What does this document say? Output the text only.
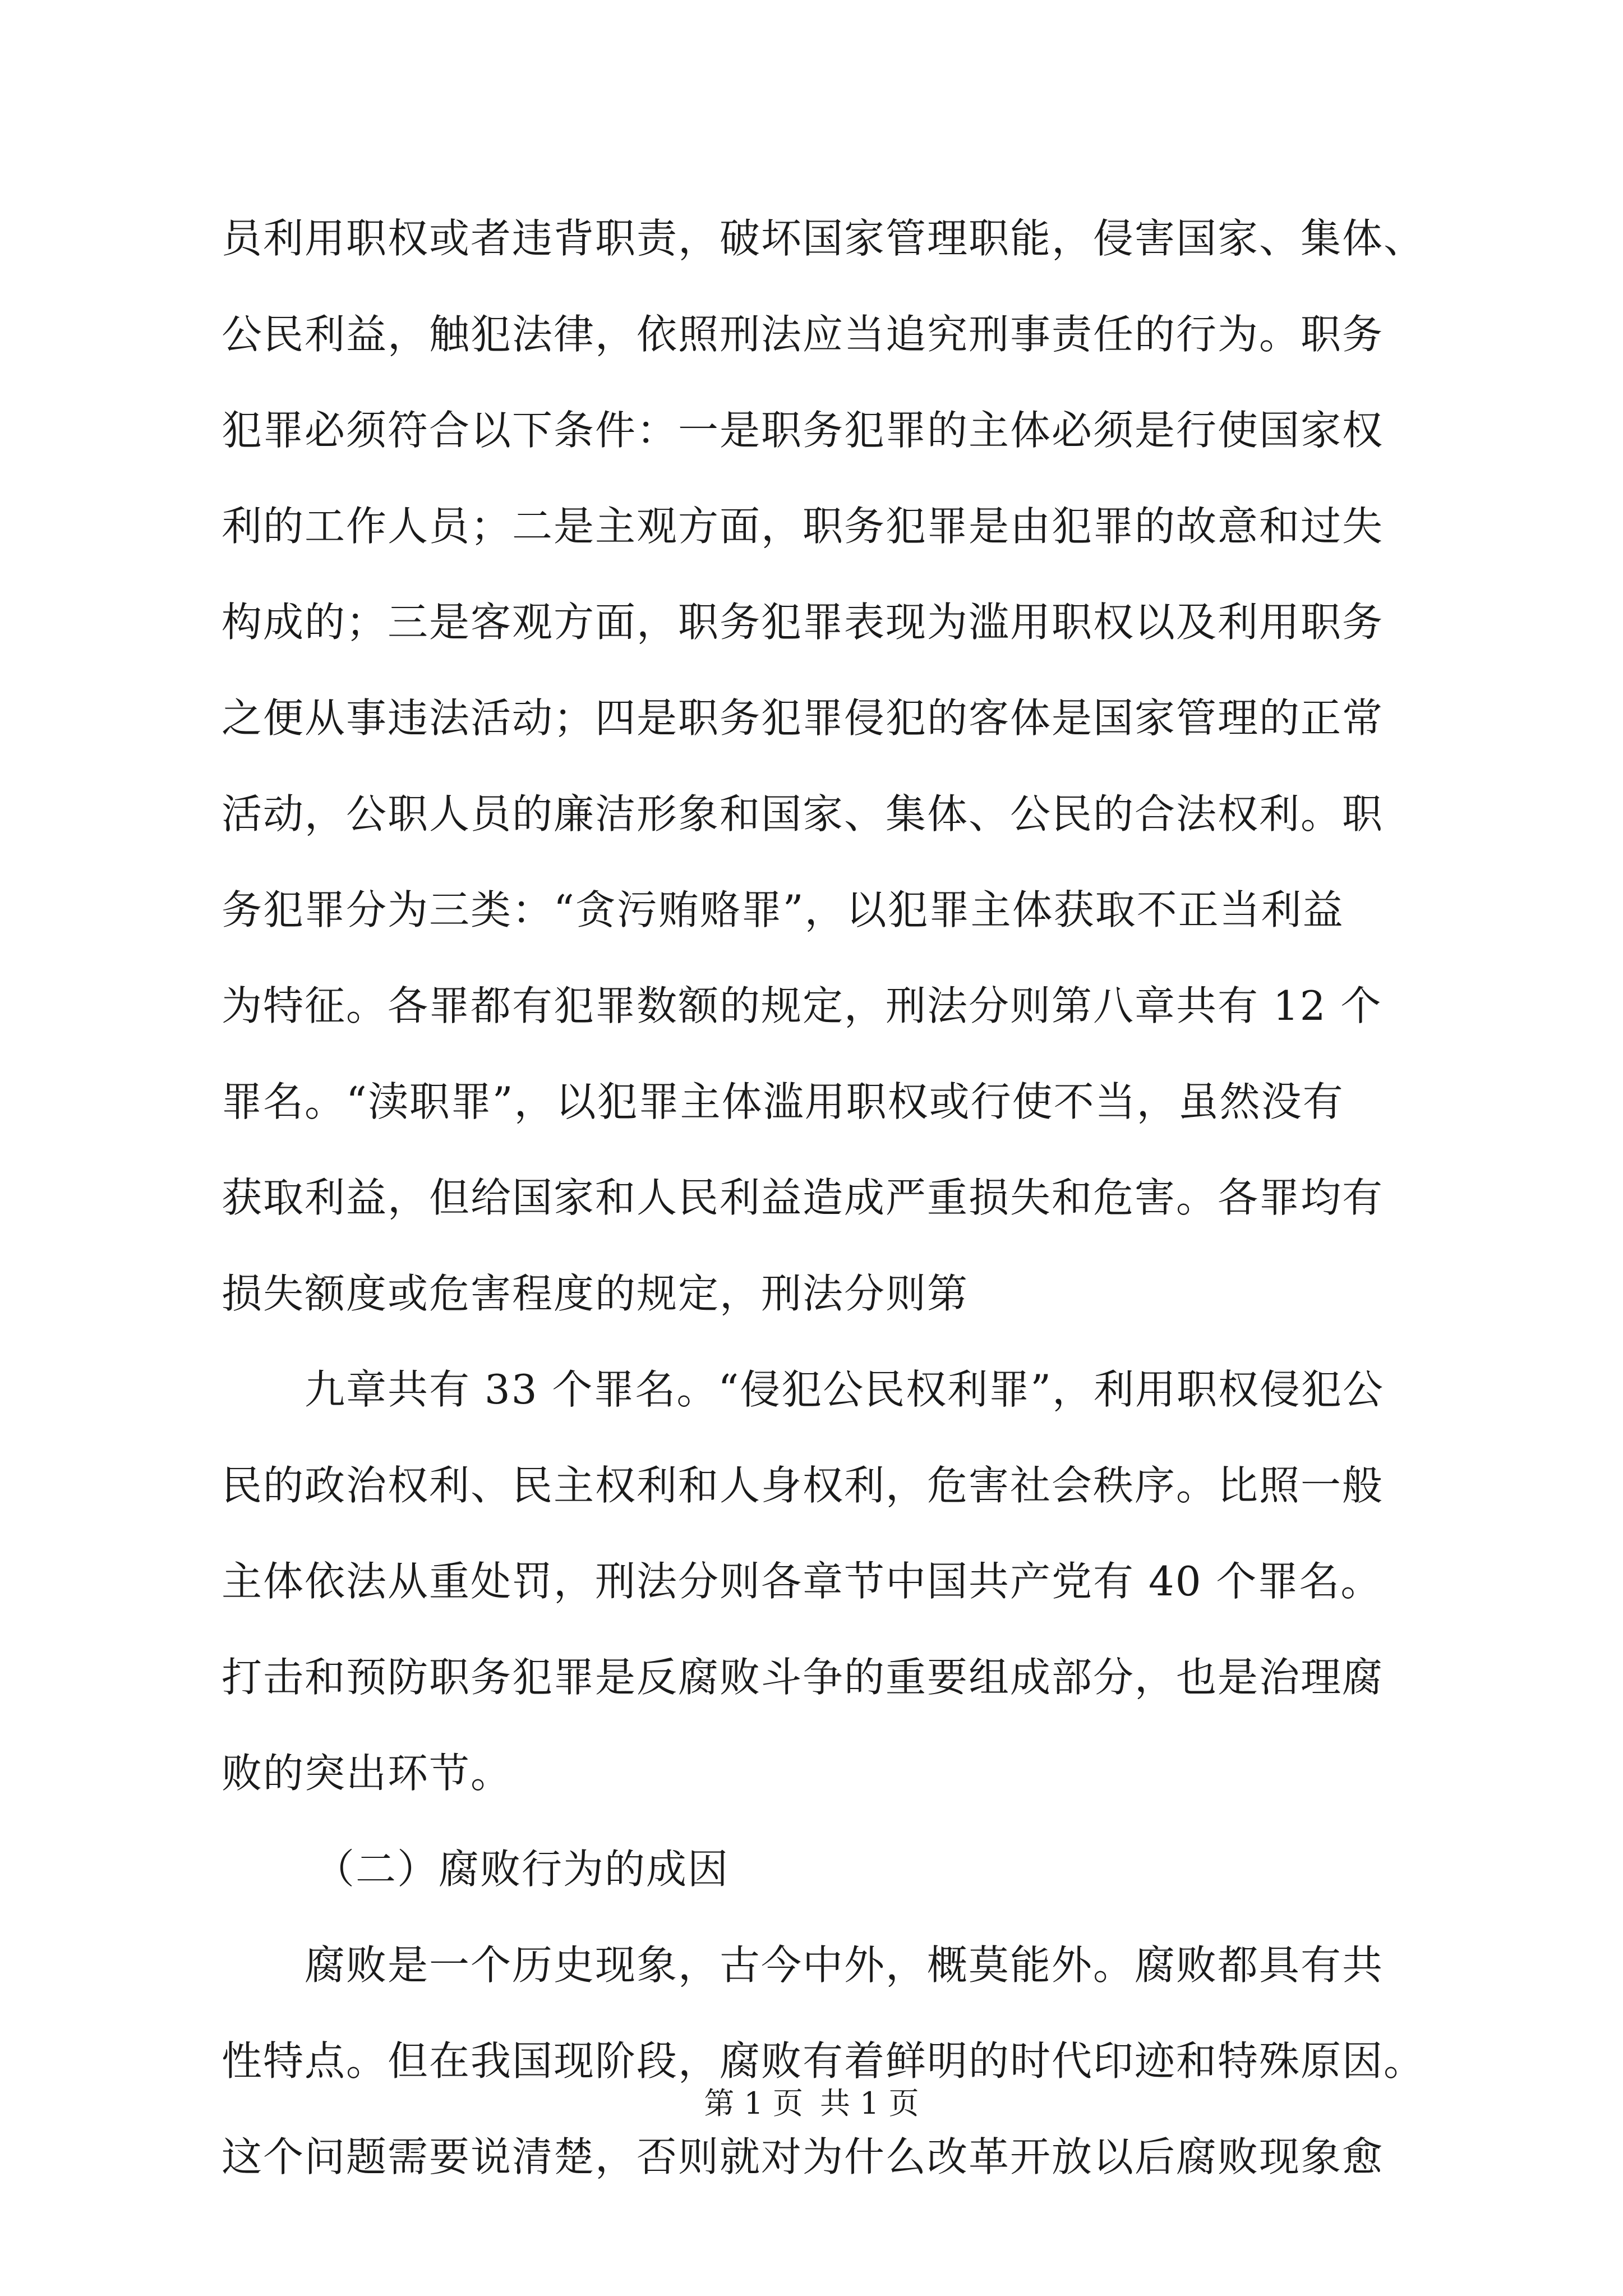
员利用职权或者违背职责，破坏国家管理职能，侵害国家、集体、
公民利益，触犯法律，依照刑法应当追究刑事责任的行为。职务
犯罪必须符合以下条件：一是职务犯罪的主体必须是行使国家权
利的工作人员；二是主观方面，职务犯罪是由犯罪的故意和过失
构成的；三是客观方面，职务犯罪表现为滥用职权以及利用职务
之便从事违法活动；四是职务犯罪侵犯的客体是国家管理的正常
活动，公职人员的廉洁形象和国家、集体、公民的合法权利。职
务犯罪分为三类：“贪污贿赂罪”，以犯罪主体获取不正当利益
为特征。各罪都有犯罪数额的规定，刑法分则第八章共有 12 个
罪名。“渎职罪”，以犯罪主体滥用职权或行使不当，虽然没有
获取利益，但给国家和人民利益造成严重损失和危害。各罪均有
损失额度或危害程度的规定，刑法分则第
九章共有 33 个罪名。“侵犯公民权利罪”，利用职权侵犯公
民的政治权利、民主权利和人身权利，危害社会秩序。比照一般
主体依法从重处罚，刑法分则各章节中国共产党有 40 个罪名。
打击和预防职务犯罪是反腐败斗争的重要组成部分，也是治理腐
败的突出环节。
（二）腐败行为的成因
腐败是一个历史现象，古今中外，概莫能外。腐败都具有共
性特点。但在我国现阶段，腐败有着鲜明的时代印迹和特殊原因。
这个问题需要说清楚，否则就对为什么改革开放以后腐败现象愈
第 1 页 共 1 页
